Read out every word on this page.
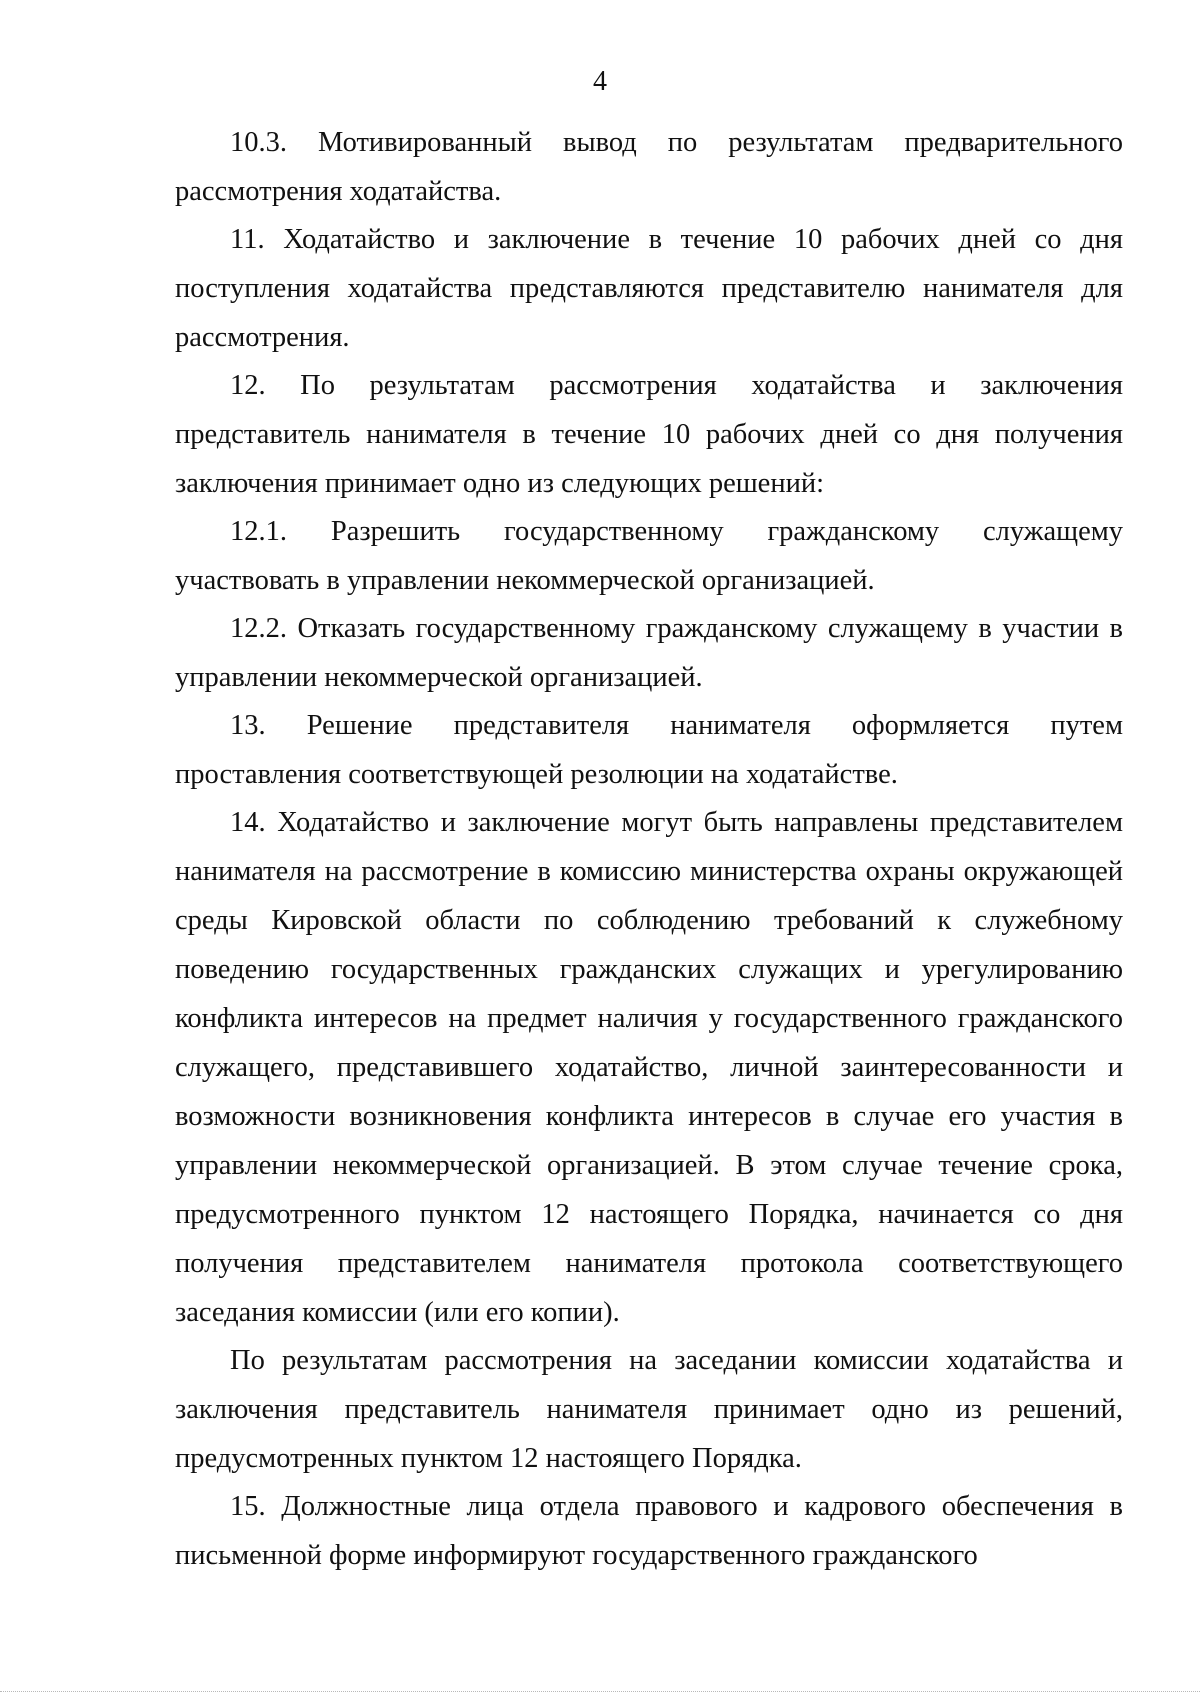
4

10.3. Мотивированный вывод по результатам предварительного рассмотрения ходатайства.

11. Ходатайство и заключение в течение 10 рабочих дней со дня поступления ходатайства представляются представителю нанимателя для рассмотрения.

12. По результатам рассмотрения ходатайства и заключения представитель нанимателя в течение 10 рабочих дней со дня получения заключения принимает одно из следующих решений:

12.1. Разрешить государственному гражданскому служащему участвовать в управлении некоммерческой организацией.

12.2. Отказать государственному гражданскому служащему в участии в управлении некоммерческой организацией.

13. Решение представителя нанимателя оформляется путем проставления соответствующей резолюции на ходатайстве.

14. Ходатайство и заключение могут быть направлены представителем нанимателя на рассмотрение в комиссию министерства охраны окружающей среды Кировской области по соблюдению требований к служебному поведению государственных гражданских служащих и урегулированию конфликта интересов на предмет наличия у государственного гражданского служащего, представившего ходатайство, личной заинтересованности и возможности возникновения конфликта интересов в случае его участия в управлении некоммерческой организацией. В этом случае течение срока, предусмотренного пунктом 12 настоящего Порядка, начинается со дня получения представителем нанимателя протокола соответствующего заседания комиссии (или его копии).

По результатам рассмотрения на заседании комиссии ходатайства и заключения представитель нанимателя принимает одно из решений, предусмотренных пунктом 12 настоящего Порядка.

15. Должностные лица отдела правового и кадрового обеспечения в письменной форме информируют государственного гражданского
